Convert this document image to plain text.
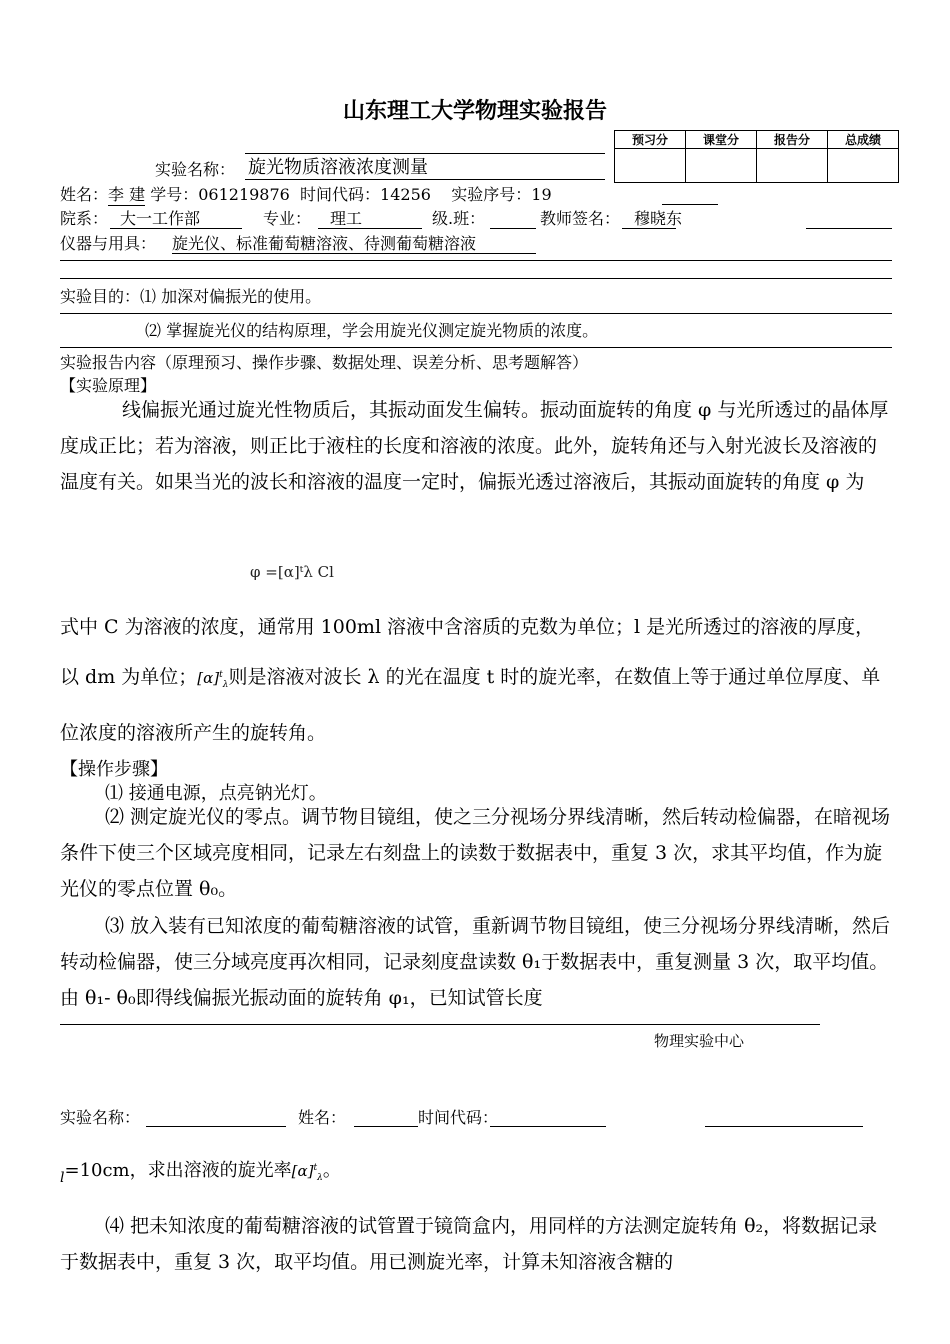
山东理工大学物理实验报告
预习分	课堂分	报告分	总成绩

实验名称： 旋光物质溶液浓度测量
姓名：李 建 学号：061219876 时间代码：14256 实验序号：19
院系： 大一工作部	专业： 理工	级.班：	教师签名： 穆晓东
仪器与用具： 旋光仪、标准葡萄糖溶液、待测葡萄糖溶液
实验目的：⑴ 加深对偏振光的使用。
⑵ 掌握旋光仪的结构原理，学会用旋光仪测定旋光物质的浓度。
实验报告内容（原理预习、操作步骤、数据处理、误差分析、思考题解答）
【实验原理】
线偏振光通过旋光性物质后，其振动面发生偏转。振动面旋转的角度 φ 与光所透过的晶体厚度成正比；若为溶液，则正比于液柱的长度和溶液的浓度。此外，旋转角还与入射光波长及溶液的温度有关。如果当光的波长和溶液的温度一定时，偏振光透过溶液后，其振动面旋转的角度 φ 为
φ =[α]ᵗλ Cl
式中 C 为溶液的浓度，通常用 100ml 溶液中含溶质的克数为单位；l 是光所透过的溶液的厚度，以 dm 为单位；$[\alpha]^t_\lambda$则是溶液对波长 λ 的光在温度 t 时的旋光率，在数值上等于通过单位厚度、单位浓度的溶液所产生的旋转角。
【操作步骤】
⑴ 接通电源，点亮钠光灯。
⑵ 测定旋光仪的零点。调节物目镜组，使之三分视场分界线清晰，然后转动检偏器，在暗视场条件下使三个区域亮度相同，记录左右刻盘上的读数于数据表中，重复 3 次，求其平均值，作为旋光仪的零点位置 θ₀。
⑶ 放入装有已知浓度的葡萄糖溶液的试管，重新调节物目镜组，使三分视场分界线清晰，然后转动检偏器，使三分域亮度再次相同，记录刻度盘读数 θ₁于数据表中，重复测量 3 次，取平均值。由 θ₁- θ₀即得线偏振光振动面的旋转角 φ₁，已知试管长度
物理实验中心
实验名称：	姓名：	时间代码：
$_l$=10cm，求出溶液的旋光率$[\alpha]^t_\lambda$。
⑷ 把未知浓度的葡萄糖溶液的试管置于镜筒盒内，用同样的方法测定旋转角 θ₂，将数据记录于数据表中，重复 3 次，取平均值。用已测旋光率，计算未知溶液含糖的
